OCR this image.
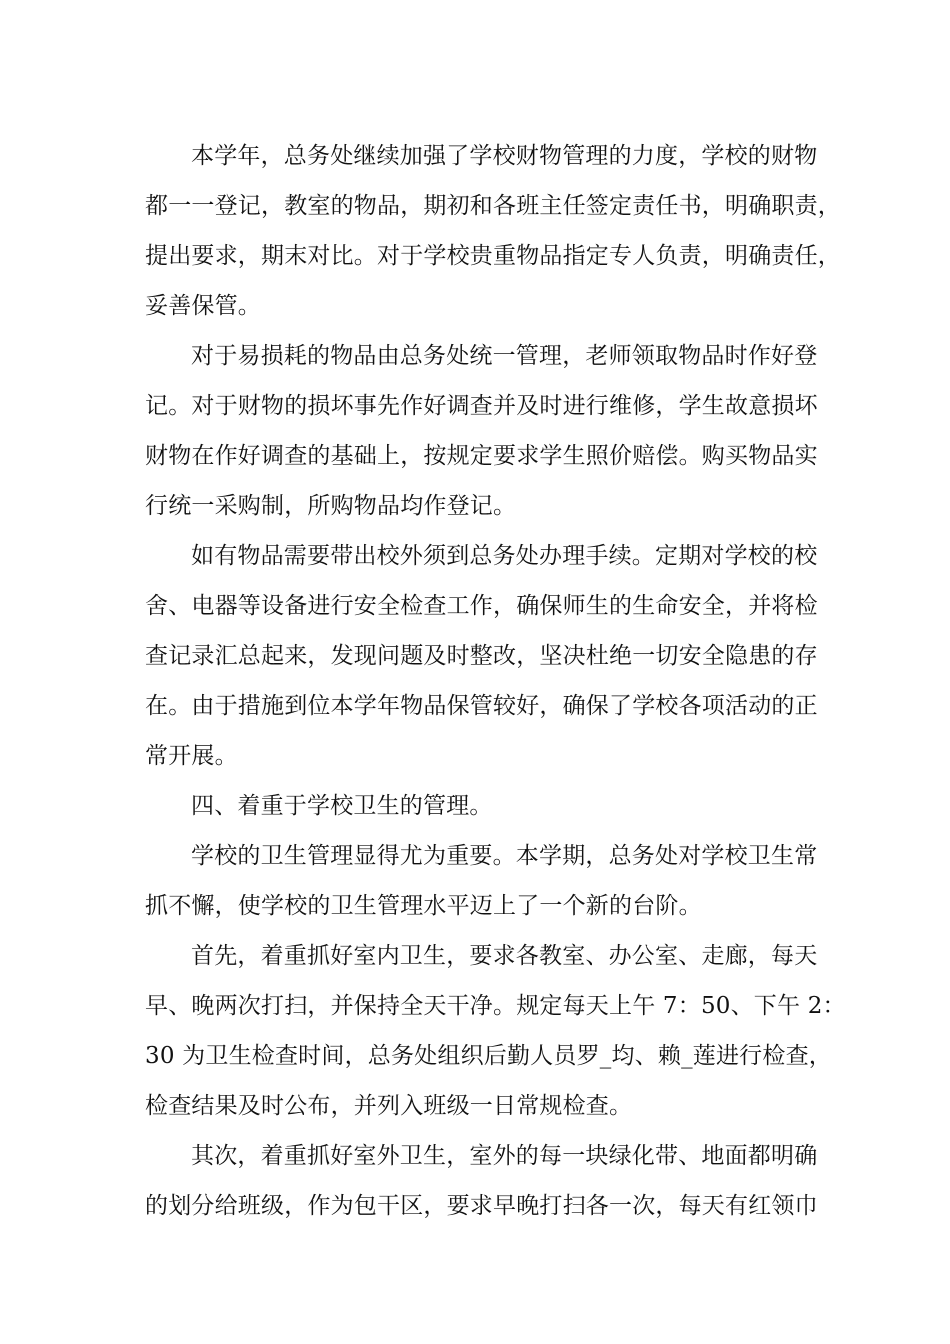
本学年，总务处继续加强了学校财物管理的力度，学校的财物
都一一登记，教室的物品，期初和各班主任签定责任书，明确职责，
提出要求，期末对比。对于学校贵重物品指定专人负责，明确责任，
妥善保管。
对于易损耗的物品由总务处统一管理，老师领取物品时作好登
记。对于财物的损坏事先作好调查并及时进行维修，学生故意损坏
财物在作好调查的基础上，按规定要求学生照价赔偿。购买物品实
行统一采购制，所购物品均作登记。
如有物品需要带出校外须到总务处办理手续。定期对学校的校
舍、电器等设备进行安全检查工作，确保师生的生命安全，并将检
查记录汇总起来，发现问题及时整改，坚决杜绝一切安全隐患的存
在。由于措施到位本学年物品保管较好，确保了学校各项活动的正
常开展。
四、着重于学校卫生的管理。
学校的卫生管理显得尤为重要。本学期，总务处对学校卫生常
抓不懈，使学校的卫生管理水平迈上了一个新的台阶。
首先，着重抓好室内卫生，要求各教室、办公室、走廊，每天
早、晚两次打扫，并保持全天干净。规定每天上午 7：50、下午 2：
30 为卫生检查时间，总务处组织后勤人员罗_均、赖_莲进行检查，
检查结果及时公布，并列入班级一日常规检查。
其次，着重抓好室外卫生，室外的每一块绿化带、地面都明确
的划分给班级，作为包干区，要求早晚打扫各一次，每天有红领巾
